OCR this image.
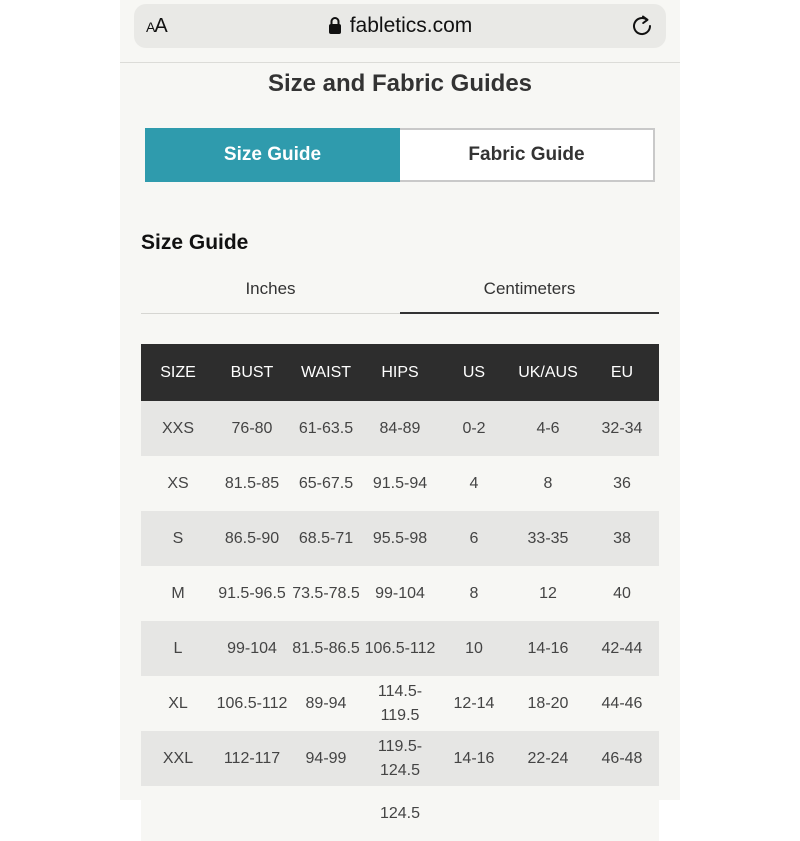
AA	fabletics.com
Size and Fabric Guides
Size Guide	Fabric Guide
Size Guide
Inches	Centimeters
SIZE	BUST	WAIST	HIPS	US	UK/AUS	EU
XXS	76-80	61-63.5	84-89	0-2	4-6	32-34
XS	81.5-85	65-67.5	91.5-94	4	8	36
S	86.5-90	68.5-71	95.5-98	6	33-35	38
M	91.5-96.5	73.5-78.5	99-104	8	12	40
L	99-104	81.5-86.5	106.5-112	10	14-16	42-44
XL	106.5-112	89-94	114.5-119.5	12-14	18-20	44-46
XXL	112-117	94-99	119.5-124.5	14-16	22-24	46-48
			124.5			
